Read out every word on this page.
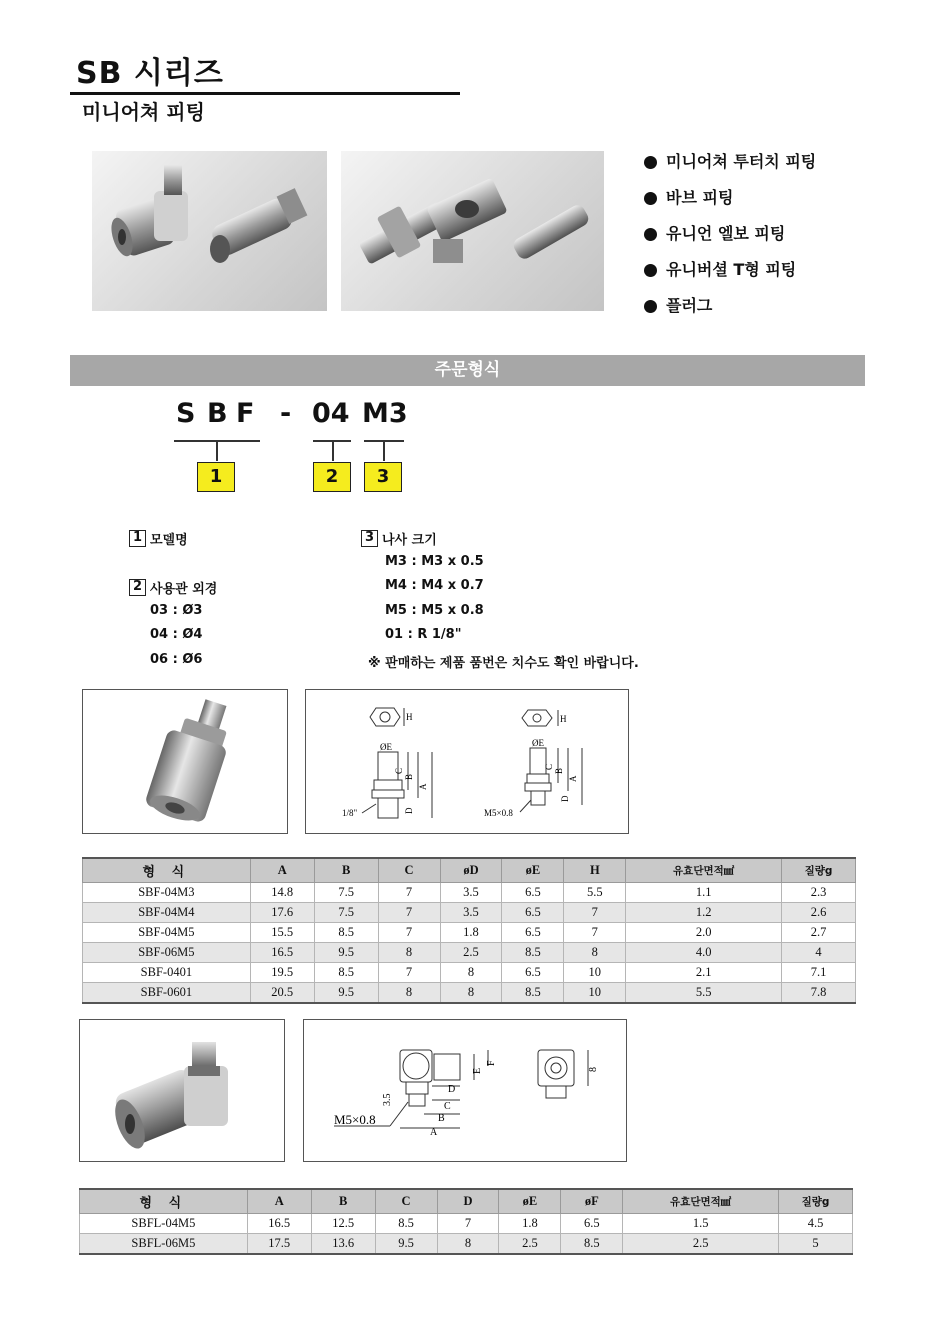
SB 시리즈
미니어쳐 피팅
미니어쳐 투터치 피팅
바브 피팅
유니언 엘보 피팅
유니버셜 T형 피팅
플러그
주문형식
S B F - 04 M3
1	2	3
1 모델명
2 사용관 외경
03 : Ø3
04 : Ø4
06 : Ø6
3 나사 크기
M3 : M3 x 0.5
M4 : M4 x 0.7
M5 : M5 x 0.8
01 : R 1/8"
※ 판매하는 제품 품번은 치수도 확인 바랍니다.
H
ØE
C
B
A
D
1/8"
H
ØE
C
B
A
D
M5×0.8
형 식	A	B	C	øD	øE	H	유효단면적㎟	질량g
SBF-04M3	14.8	7.5	7	3.5	6.5	5.5	1.1	2.3
SBF-04M4	17.6	7.5	7	3.5	6.5	7	1.2	2.6
SBF-04M5	15.5	8.5	7	1.8	6.5	7	2.0	2.7
SBF-06M5	16.5	9.5	8	2.5	8.5	8	4.0	4
SBF-0401	19.5	8.5	7	8	6.5	10	2.1	7.1
SBF-0601	20.5	9.5	8	8	8.5	10	5.5	7.8
E
F
3.5
D
C
B
A
M5×0.8
8
형 식	A	B	C	D	øE	øF	유효단면적㎟	질량g
SBFL-04M5	16.5	12.5	8.5	7	1.8	6.5	1.5	4.5
SBFL-06M5	17.5	13.6	9.5	8	2.5	8.5	2.5	5
